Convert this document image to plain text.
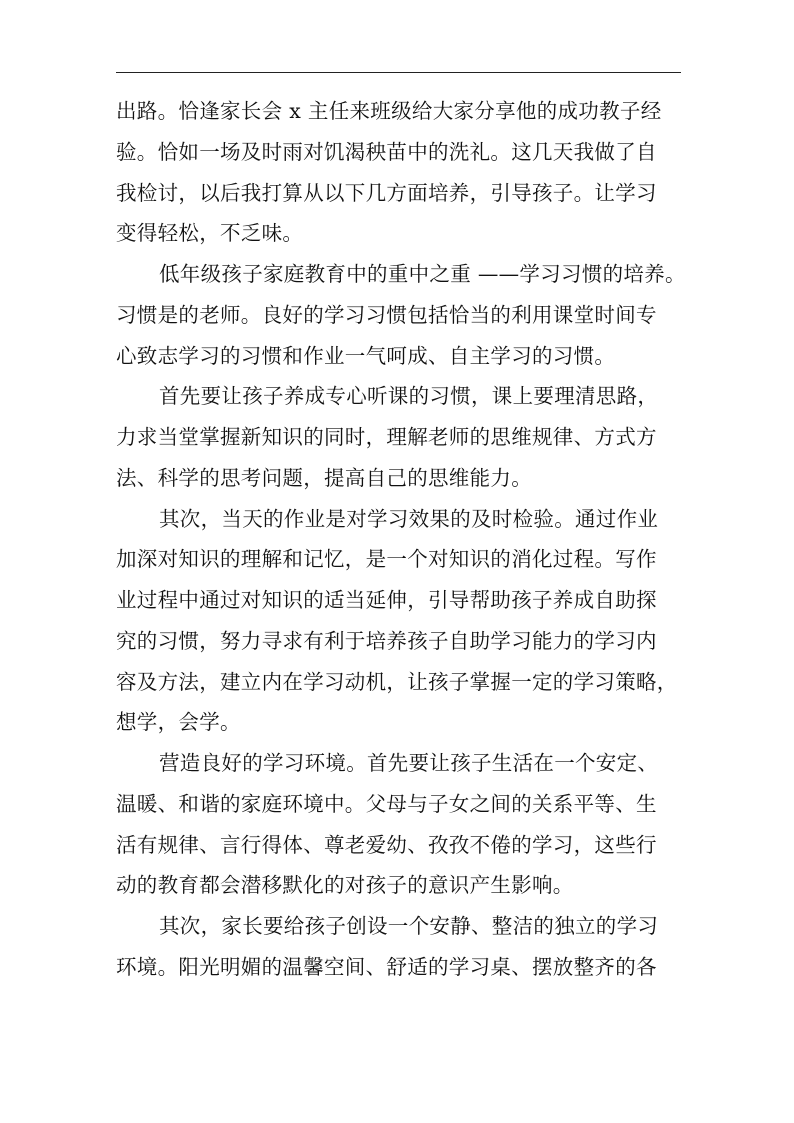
出路。恰逢家长会 x 主任来班级给大家分享他的成功教子经
验。恰如一场及时雨对饥渴秧苗中的洗礼。这几天我做了自
我检讨，以后我打算从以下几方面培养，引导孩子。让学习
变得轻松，不乏味。
低年级孩子家庭教育中的重中之重 ——学习习惯的培养。
习惯是的老师。良好的学习习惯包括恰当的利用课堂时间专
心致志学习的习惯和作业一气呵成、自主学习的习惯。
首先要让孩子养成专心听课的习惯，课上要理清思路，
力求当堂掌握新知识的同时，理解老师的思维规律、方式方
法、科学的思考问题，提高自己的思维能力。
其次，当天的作业是对学习效果的及时检验。通过作业
加深对知识的理解和记忆，是一个对知识的消化过程。写作
业过程中通过对知识的适当延伸，引导帮助孩子养成自助探
究的习惯，努力寻求有利于培养孩子自助学习能力的学习内
容及方法，建立内在学习动机，让孩子掌握一定的学习策略，
想学，会学。
营造良好的学习环境。首先要让孩子生活在一个安定、
温暖、和谐的家庭环境中。父母与子女之间的关系平等、生
活有规律、言行得体、尊老爱幼、孜孜不倦的学习，这些行
动的教育都会潜移默化的对孩子的意识产生影响。
其次，家长要给孩子创设一个安静、整洁的独立的学习
环境。阳光明媚的温馨空间、舒适的学习桌、摆放整齐的各
